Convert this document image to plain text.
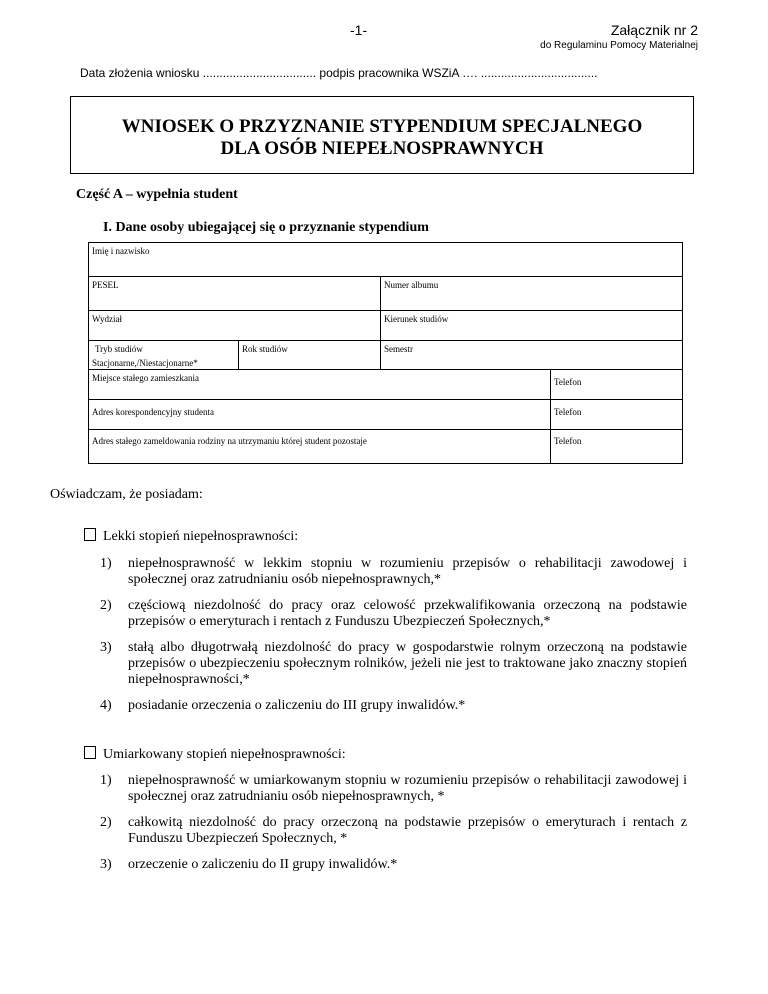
-1-	Załącznik nr 2
do Regulaminu Pomocy Materialnej
Data złożenia wniosku .................................. podpis pracownika WSZiA …. ...................................
WNIOSEK O PRZYZNANIE STYPENDIUM SPECJALNEGO
DLA OSÓB NIEPEŁNOSPRAWNYCH
Część A – wypełnia student
I. Dane osoby ubiegającej się o przyznanie stypendium
Imię i nazwisko			
PESEL		Numer albumu	
Wydział		Kierunek studiów	

Tryb studiów
Stacjonarne,/Niestacjonarne*	Rok studiów	Semestr	
Miejsce stałego zamieszkania			Telefon
Adres korespondencyjny studenta			Telefon
Adres stałego zameldowania rodziny na utrzymaniu której student pozostaje			Telefon
Oświadczam, że posiadam:
Lekki stopień niepełnosprawności:
1)	niepełnosprawność w lekkim stopniu w rozumieniu przepisów o rehabilitacji zawodowej i społecznej oraz zatrudnianiu osób niepełnosprawnych,*
2)	częściową niezdolność do pracy oraz celowość przekwalifikowania orzeczoną na podstawie przepisów o emeryturach i rentach z Funduszu Ubezpieczeń Społecznych,*
3)	stałą albo długotrwałą niezdolność do pracy w gospodarstwie rolnym orzeczoną na podstawie przepisów o ubezpieczeniu społecznym rolników, jeżeli nie jest to traktowane jako znaczny stopień niepełnosprawności,*
4)	posiadanie orzeczenia o zaliczeniu do III grupy inwalidów.*
Umiarkowany stopień niepełnosprawności:
1)	niepełnosprawność w umiarkowanym stopniu w rozumieniu przepisów o rehabilitacji zawodowej i społecznej oraz zatrudnianiu osób niepełnosprawnych, *
2)	całkowitą niezdolność do pracy orzeczoną na podstawie przepisów o emeryturach i rentach z Funduszu Ubezpieczeń Społecznych, *
3)	orzeczenie o zaliczeniu do II grupy inwalidów.*
